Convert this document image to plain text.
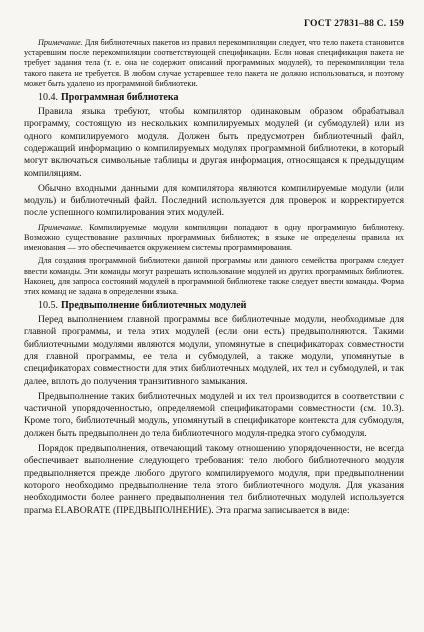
ГОСТ 27831–88 С. 159

Примечание. Для библиотечных пакетов из правил перекомпиляции следует, что тело пакета становится устаревшим после перекомпиляции соответствующей спецификации. Если новая спецификация пакета не требует задания тела (т. е. она не содержит описаний программных модулей), то перекомпиляции тела такого пакета не требуется. В любом случае устаревшее тело пакета не должно использоваться, и поэтому может быть удалено из программной библиотеки.

10.4. Программная библиотека

Правила языка требуют, чтобы компилятор одинаковым образом обрабатывал программу, состоящую из нескольких компилируемых модулей (и субмодулей) или из одного компилируемого модуля. Должен быть предусмотрен библиотечный файл, содержащий информацию о компилируемых модулях программной библиотеки, в который могут включаться символьные таблицы и другая информация, относящаяся к предыдущим компиляциям.

Обычно входными данными для компилятора являются компилируемые модули (или модуль) и библиотечный файл. Последний используется для проверок и корректируется после успешного компилирования этих модулей.

Примечание. Компилируемые модули компиляции попадают в одну программную библиотеку. Возможно существование различных программных библиотек; в языке не определены правила их именования — это обеспечивается окружением системы программирования.

Для создания программной библиотеки данной программы или данного семейства программ следует ввести команды. Эти команды могут разрешать использование модулей из других программных библиотек. Наконец, для запроса состояний модулей в программной библиотеке также следует ввести команды. Форма этих команд не задана в определении языка.

10.5. Предвыполнение библиотечных модулей

Перед выполнением главной программы все библиотечные модули, необходимые для главной программы, и тела этих модулей (если они есть) предвыполняются. Такими библиотечными модулями являются модули, упомянутые в спецификаторах совместности для главной программы, ее тела и субмодулей, а также модули, упомянутые в спецификаторах совместности для этих библиотечных модулей, их тел и субмодулей, и так далее, вплоть до получения транзитивного замыкания.

Предвыполнение таких библиотечных модулей и их тел производится в соответствии с частичной упорядоченностью, определяемой спецификаторами совместности (см. 10.3). Кроме того, библиотечный модуль, упомянутый в спецификаторе контекста для субмодуля, должен быть предвыполнен до тела библиотечного модуля-предка этого субмодуля.

Порядок предвыполнения, отвечающий такому отношению упорядоченности, не всегда обеспечивает выполнение следующего требования: тело любого библиотечного модуля предвыполняется прежде любого другого компилируемого модуля, при предвыполнении которого необходимо предвыполнение тела этого библиотечного модуля. Для указания необходимости более раннего предвыполнения тел библиотечных модулей используется прагма ELABORATE (ПРЕДВЫПОЛНЕНИЕ). Эта прагма записывается в виде:
